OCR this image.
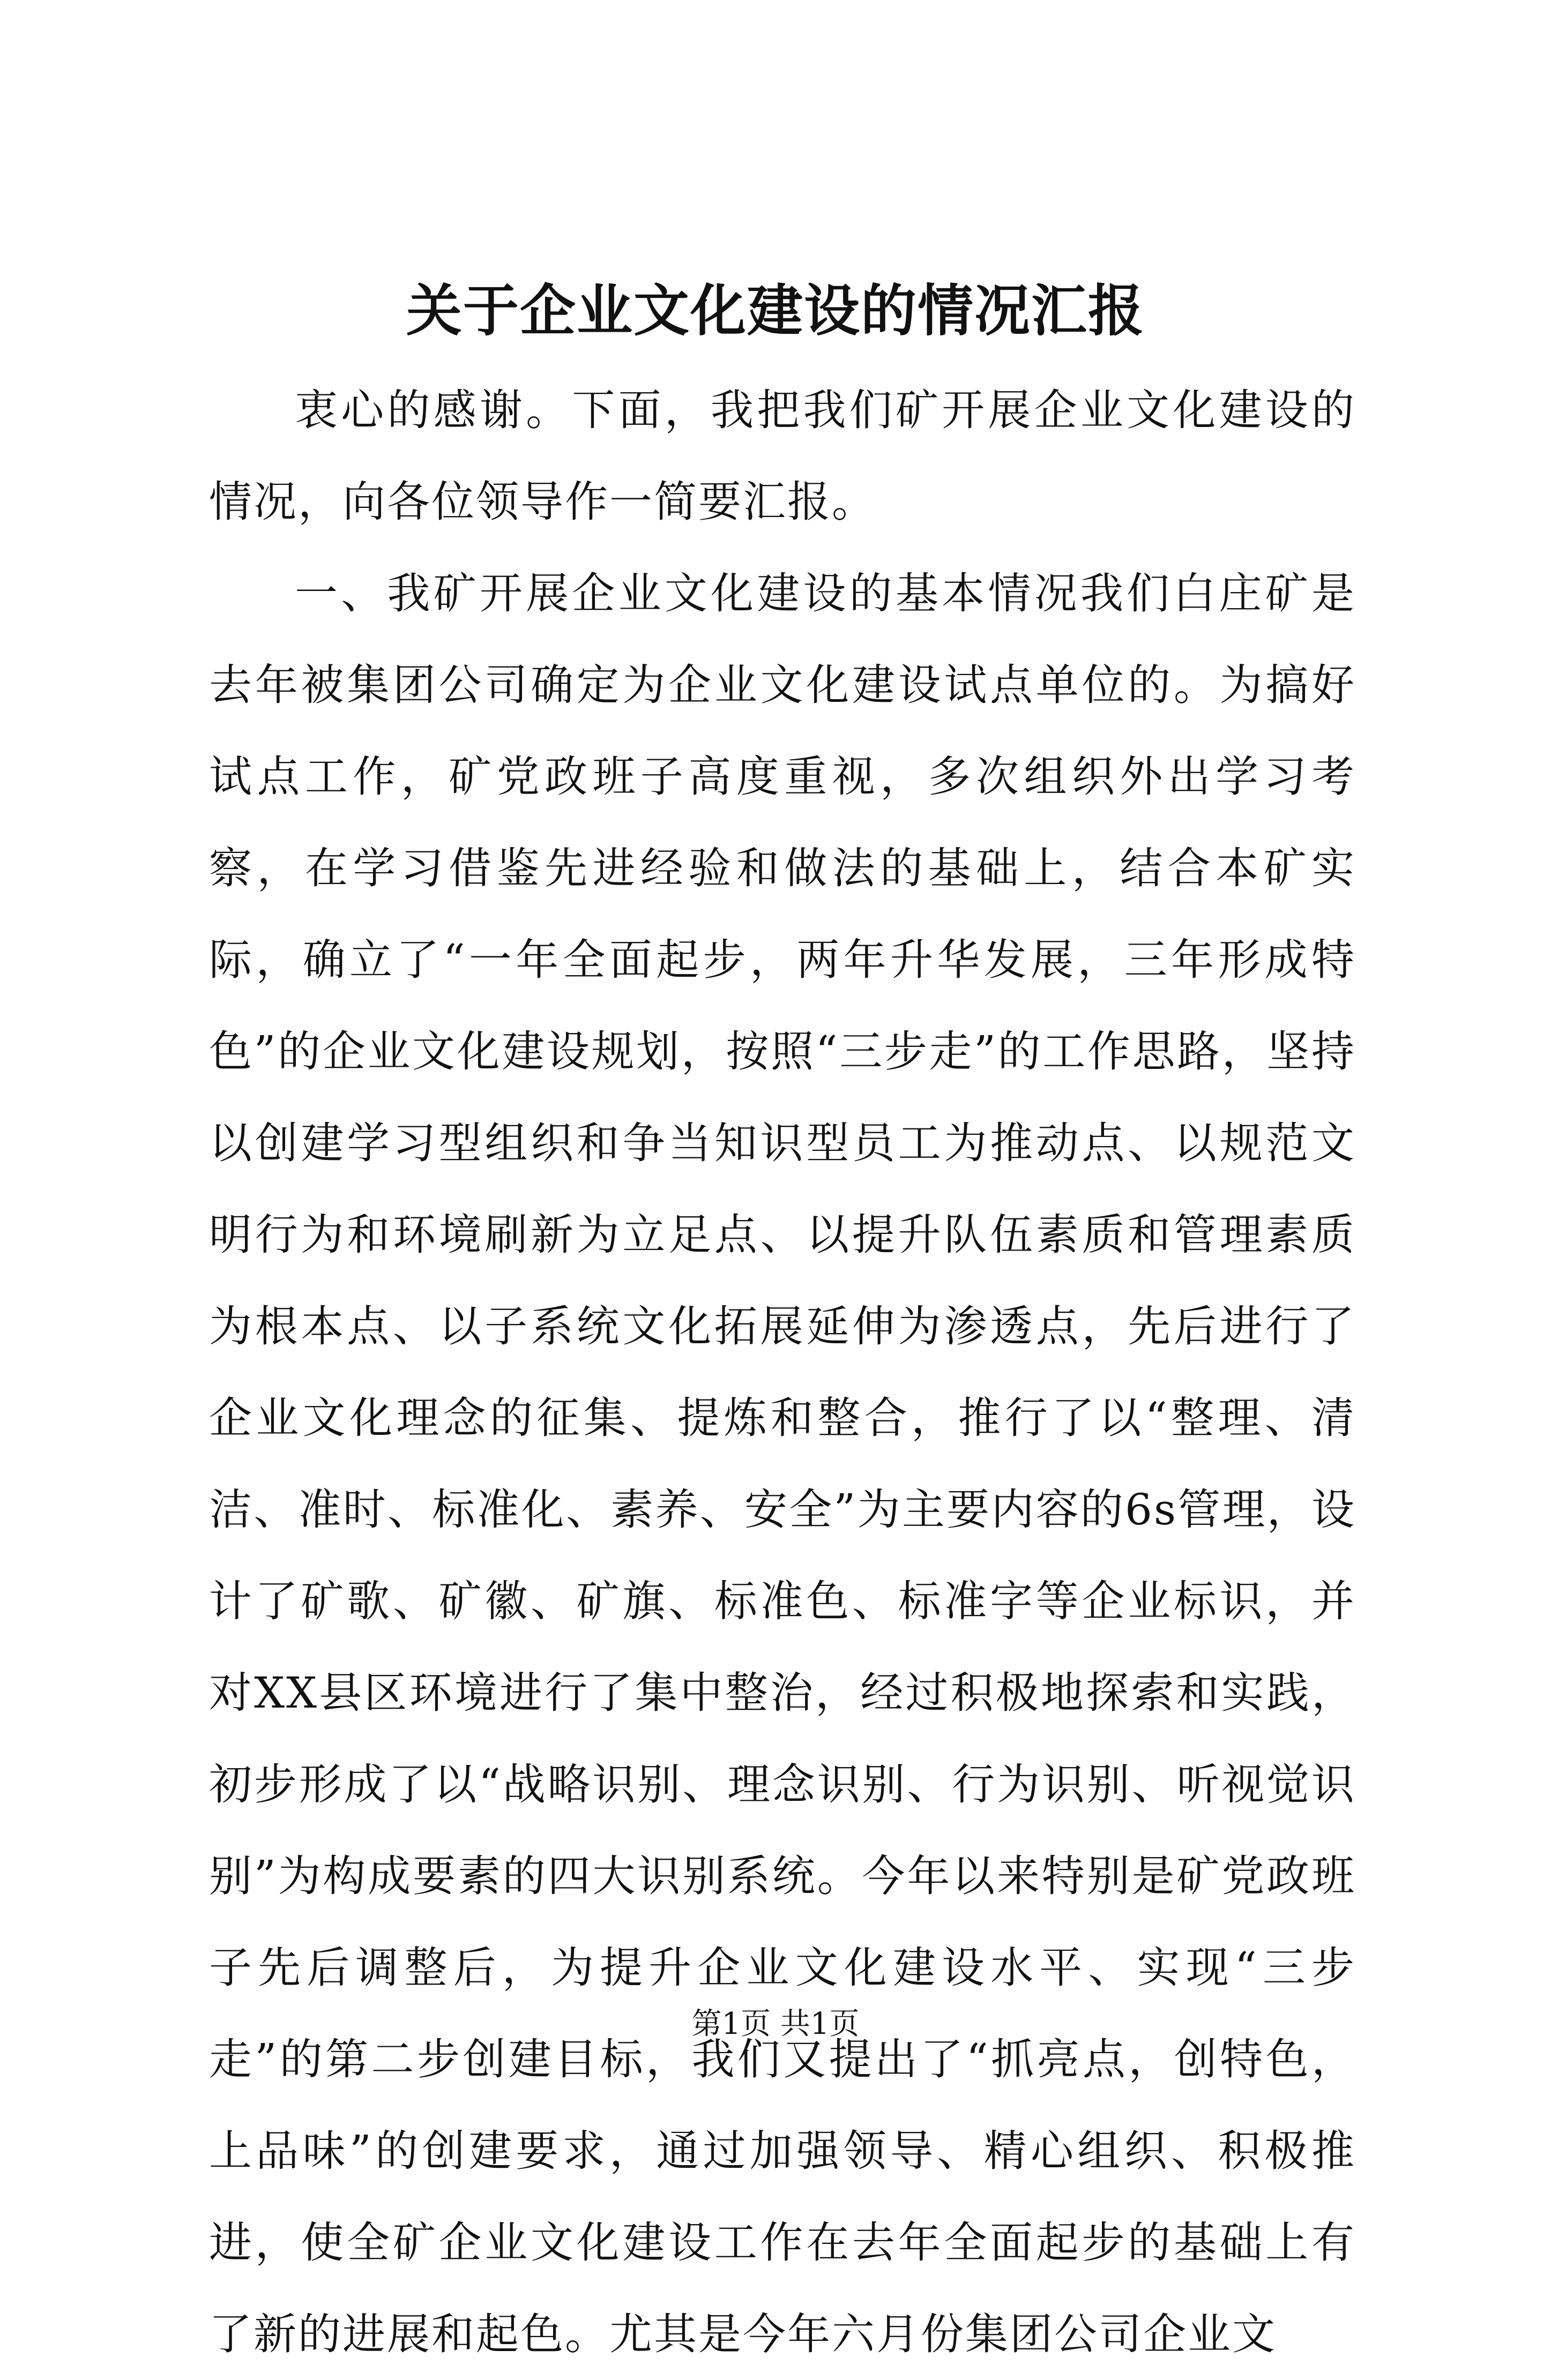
关于企业文化建设的情况汇报

衷心的感谢。下面，我把我们矿开展企业文化建设的情况，向各位领导作一简要汇报。

一、我矿开展企业文化建设的基本情况我们白庄矿是去年被集团公司确定为企业文化建设试点单位的。为搞好试点工作，矿党政班子高度重视，多次组织外出学习考察，在学习借鉴先进经验和做法的基础上，结合本矿实际，确立了“一年全面起步，两年升华发展，三年形成特色”的企业文化建设规划，按照“三步走”的工作思路，坚持以创建学习型组织和争当知识型员工为推动点、以规范文明行为和环境刷新为立足点、以提升队伍素质和管理素质为根本点、以子系统文化拓展延伸为渗透点，先后进行了企业文化理念的征集、提炼和整合，推行了以“整理、清洁、准时、标准化、素养、安全”为主要内容的6s管理，设计了矿歌、矿徽、矿旗、标准色、标准字等企业标识，并对XX县区环境进行了集中整治，经过积极地探索和实践，初步形成了以“战略识别、理念识别、行为识别、听视觉识别”为构成要素的四大识别系统。今年以来特别是矿党政班子先后调整后，为提升企业文化建设水平、实现“三步走”的第二步创建目标，我们又提出了“抓亮点，创特色，上品味”的创建要求，通过加强领导、精心组织、积极推进，使全矿企业文化建设工作在去年全面起步的基础上有了新的进展和起色。尤其是今年六月份集团公司企业文

第1页 共1页
